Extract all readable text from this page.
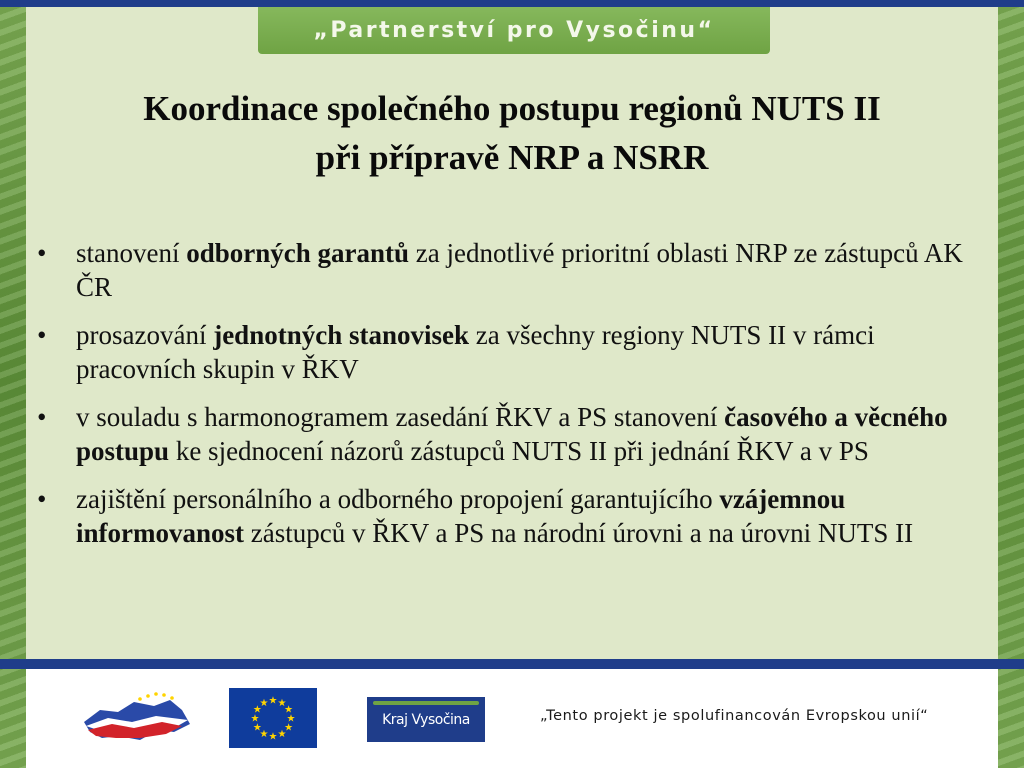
„Partnerství pro Vysočinu“
Koordinace společného postupu regionů NUTS II
při přípravě NRP a NSRR
• stanovení odborných garantů za jednotlivé prioritní oblasti NRP ze zástupců AK ČR
• prosazování jednotných stanovisek za všechny regiony NUTS II v rámci pracovních skupin v ŘKV
• v souladu s harmonogramem zasedání ŘKV a PS stanovení časového a věcného postupu ke sjednocení názorů zástupců NUTS II při jednání ŘKV a v PS
• zajištění personálního a odborného propojení garantujícího vzájemnou informovanost zástupců v ŘKV a PS na národní úrovni a na úrovni NUTS II
★ ★
★
★
★
★
★
★
★
★
★
★
Kraj Vysočina	„Tento projekt je spolufinancován Evropskou unií“
